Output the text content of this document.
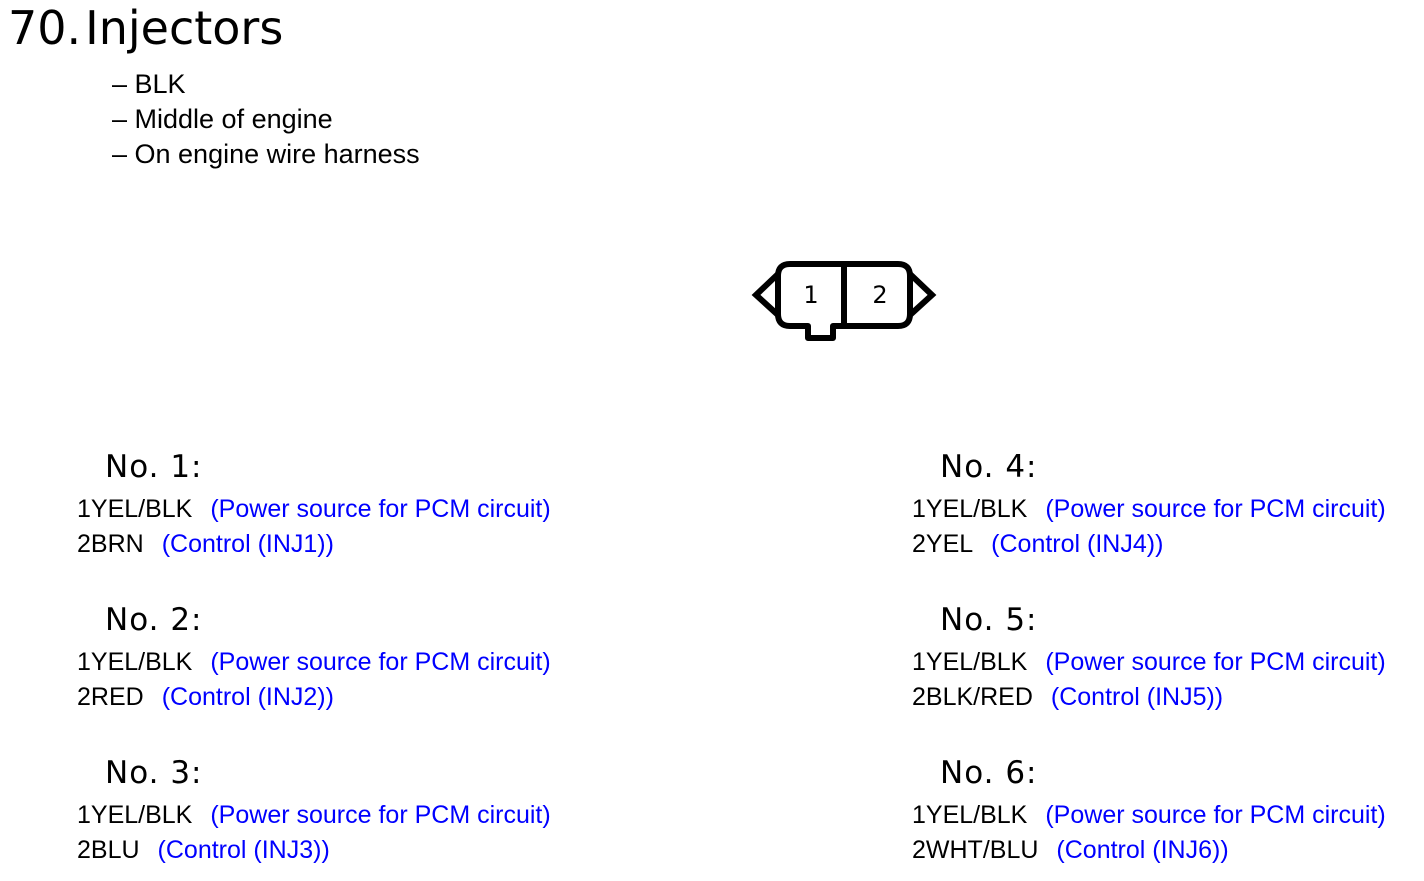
70.Injectors
– BLK
– Middle of engine
– On engine wire harness
1 2
No. 1:
1YEL/BLK (Power source for PCM circuit)
2BRN (Control (INJ1))
No. 2:
1YEL/BLK (Power source for PCM circuit)
2RED (Control (INJ2))
No. 3:
1YEL/BLK (Power source for PCM circuit)
2BLU (Control (INJ3))
No. 4:
1YEL/BLK (Power source for PCM circuit)
2YEL (Control (INJ4))
No. 5:
1YEL/BLK (Power source for PCM circuit)
2BLK/RED (Control (INJ5))
No. 6:
1YEL/BLK (Power source for PCM circuit)
2WHT/BLU (Control (INJ6))
